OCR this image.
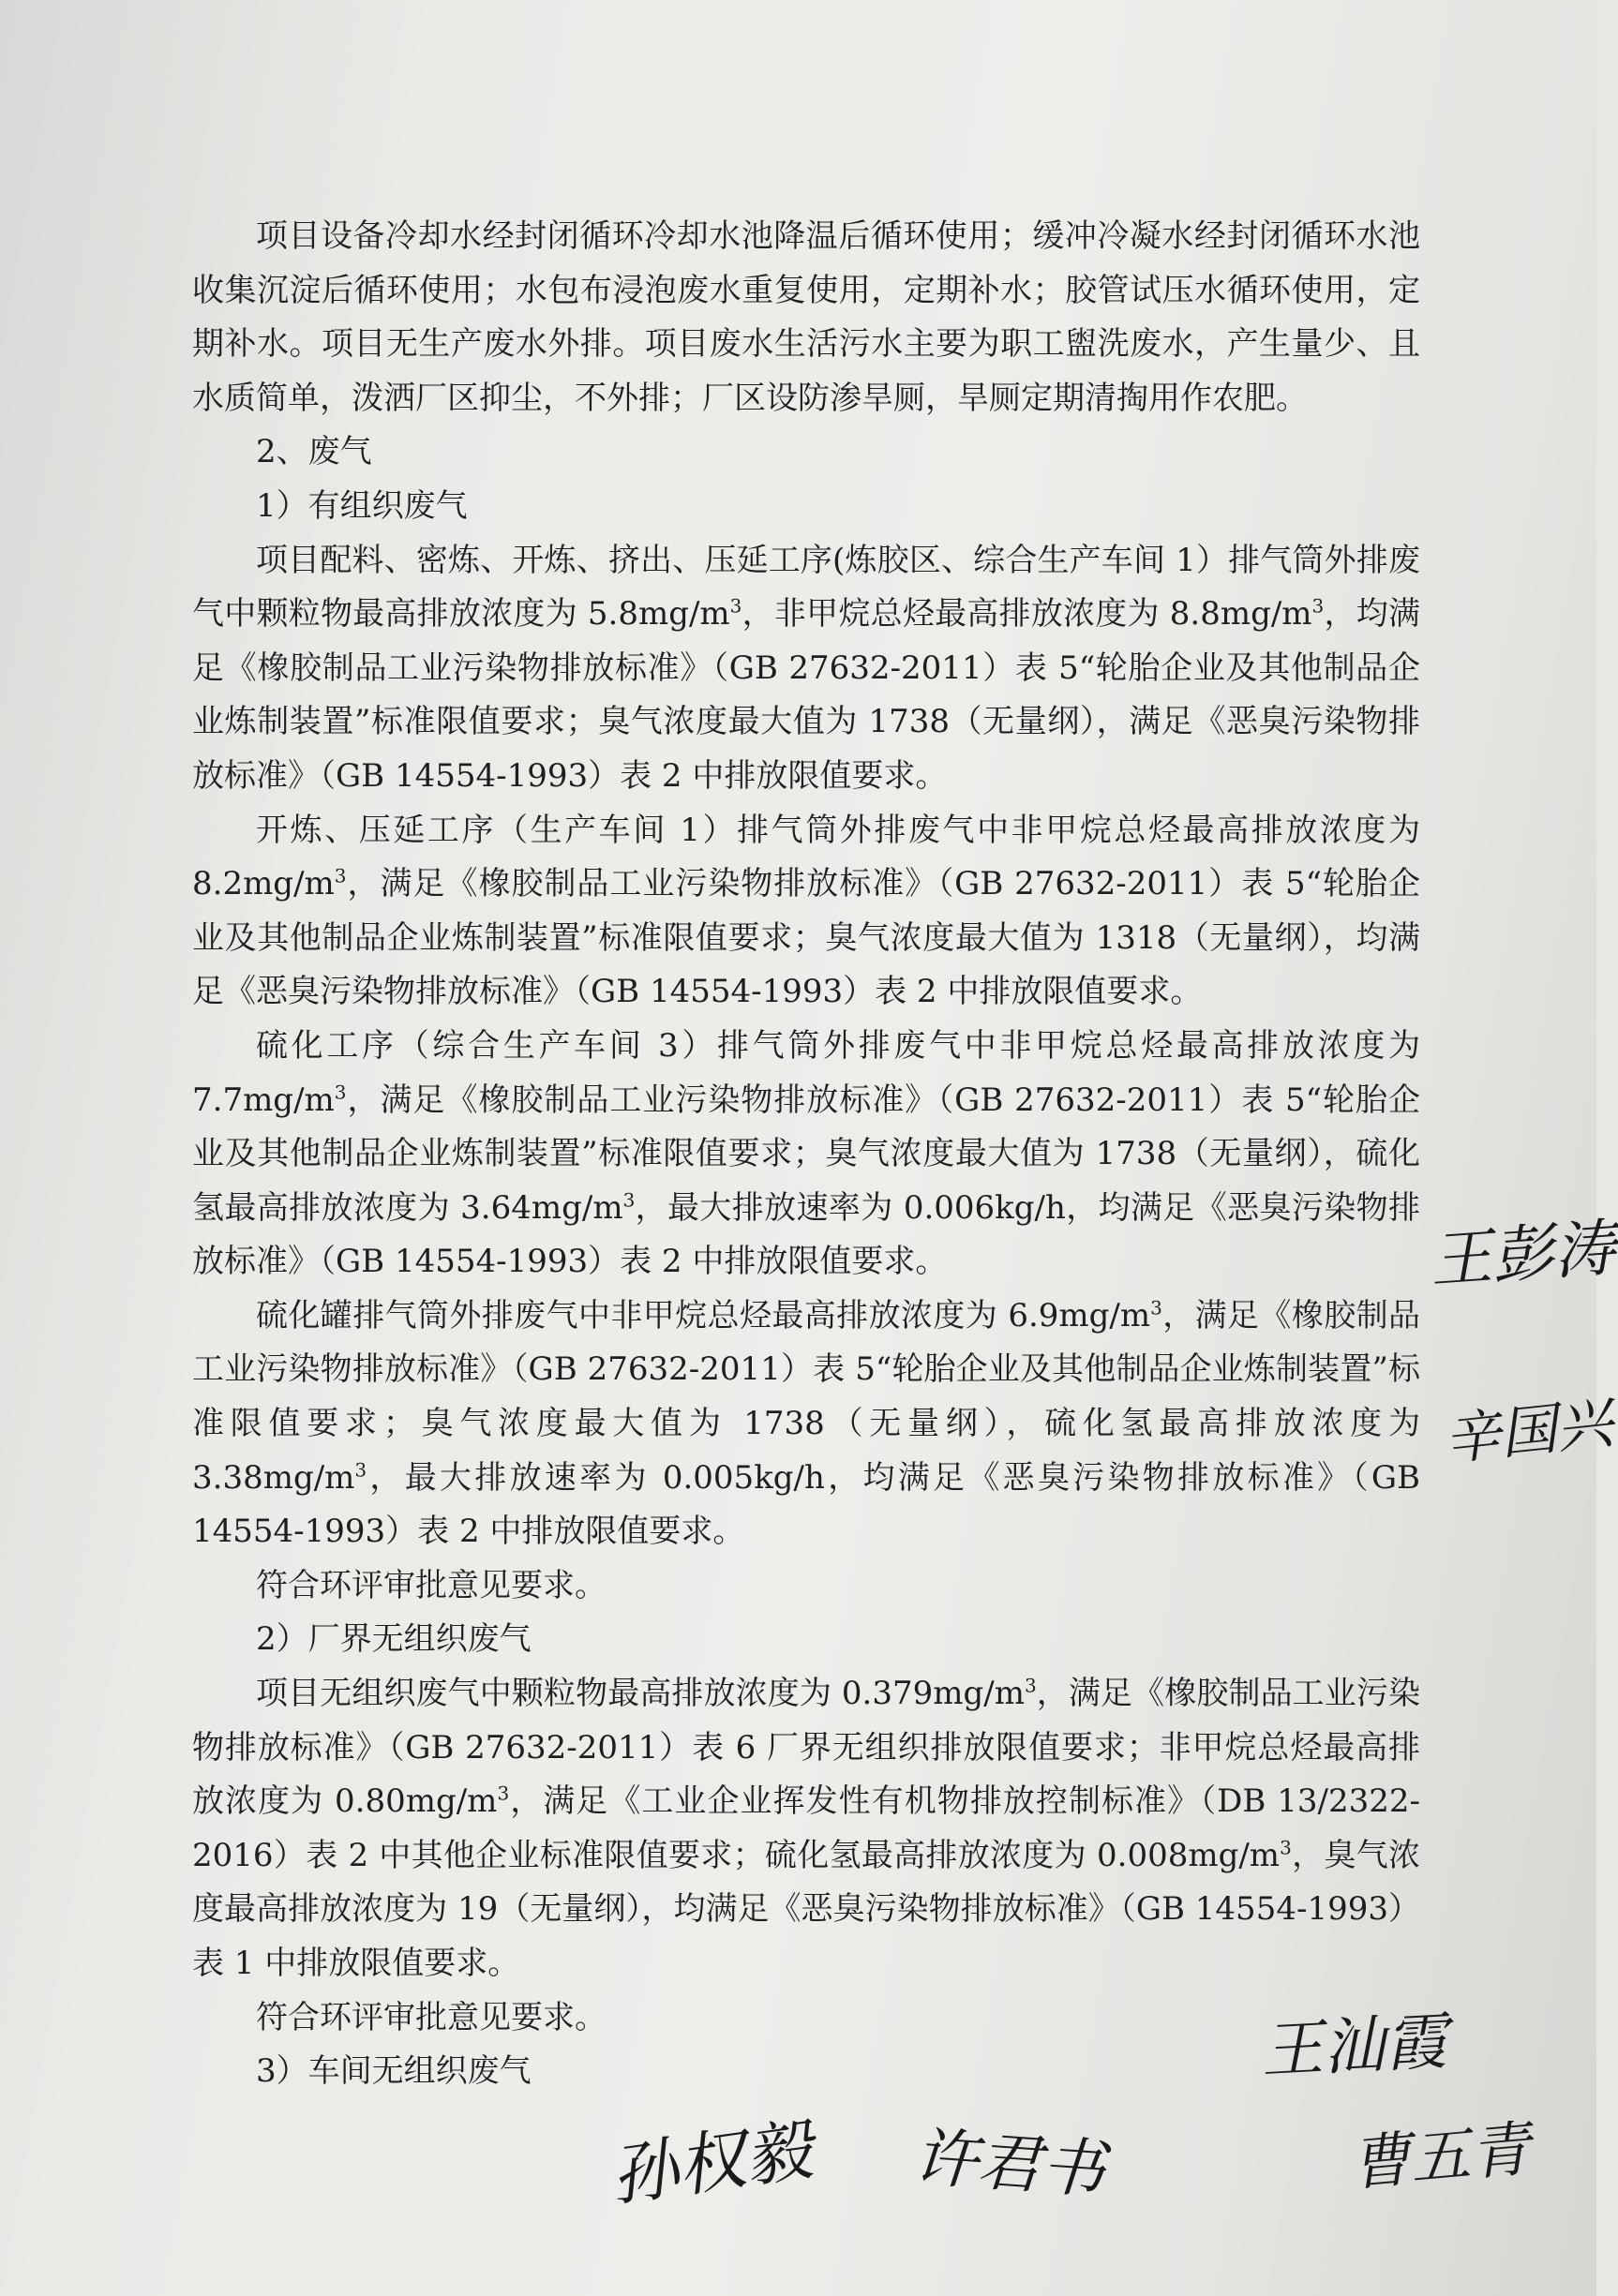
项目设备冷却水经封闭循环冷却水池降温后循环使用；缓冲冷凝水经封闭循环水池收集沉淀后循环使用；水包布浸泡废水重复使用，定期补水；胶管试压水循环使用，定期补水。项目无生产废水外排。项目废水生活污水主要为职工盥洗废水，产生量少、且水质简单，泼洒厂区抑尘，不外排；厂区设防渗旱厕，旱厕定期清掏用作农肥。

2、废气

1）有组织废气

项目配料、密炼、开炼、挤出、压延工序(炼胶区、综合生产车间 1）排气筒外排废气中颗粒物最高排放浓度为 $5.8mg/m^3$，非甲烷总烃最高排放浓度为 $8.8mg/m^3$，均满足《橡胶制品工业污染物排放标准》（GB 27632-2011）表 5“轮胎企业及其他制品企业炼制装置”标准限值要求；臭气浓度最大值为 1738（无量纲），满足《恶臭污染物排放标准》（GB 14554-1993）表 2 中排放限值要求。

开炼、压延工序（生产车间 1）排气筒外排废气中非甲烷总烃最高排放浓度为 $8.2mg/m^3$，满足《橡胶制品工业污染物排放标准》（GB 27632-2011）表 5“轮胎企业及其他制品企业炼制装置”标准限值要求；臭气浓度最大值为 1318（无量纲），均满足《恶臭污染物排放标准》（GB 14554-1993）表 2 中排放限值要求。

硫化工序（综合生产车间 3）排气筒外排废气中非甲烷总烃最高排放浓度为 $7.7mg/m^3$，满足《橡胶制品工业污染物排放标准》（GB 27632-2011）表 5“轮胎企业及其他制品企业炼制装置”标准限值要求；臭气浓度最大值为 1738（无量纲），硫化氢最高排放浓度为 $3.64mg/m^3$，最大排放速率为 0.006kg/h，均满足《恶臭污染物排放标准》（GB 14554-1993）表 2 中排放限值要求。

硫化罐排气筒外排废气中非甲烷总烃最高排放浓度为 $6.9mg/m^3$，满足《橡胶制品工业污染物排放标准》（GB 27632-2011）表 5“轮胎企业及其他制品企业炼制装置”标准限值要求；臭气浓度最大值为 1738（无量纲），硫化氢最高排放浓度为 $3.38mg/m^3$，最大排放速率为 0.005kg/h，均满足《恶臭污染物排放标准》（GB 14554-1993）表 2 中排放限值要求。

符合环评审批意见要求。

2）厂界无组织废气

项目无组织废气中颗粒物最高排放浓度为 $0.379mg/m^3$，满足《橡胶制品工业污染物排放标准》（GB 27632-2011）表 6 厂界无组织排放限值要求；非甲烷总烃最高排放浓度为 $0.80mg/m^3$，满足《工业企业挥发性有机物排放控制标准》（DB 13/2322-2016）表 2 中其他企业标准限值要求；硫化氢最高排放浓度为 $0.008mg/m^3$，臭气浓度最高排放浓度为 19（无量纲），均满足《恶臭污染物排放标准》（GB 14554-1993）表 1 中排放限值要求。

符合环评审批意见要求。

3）车间无组织废气

王彭涛
辛国兴
王汕霞
曹五青
孙权毅 许君书
